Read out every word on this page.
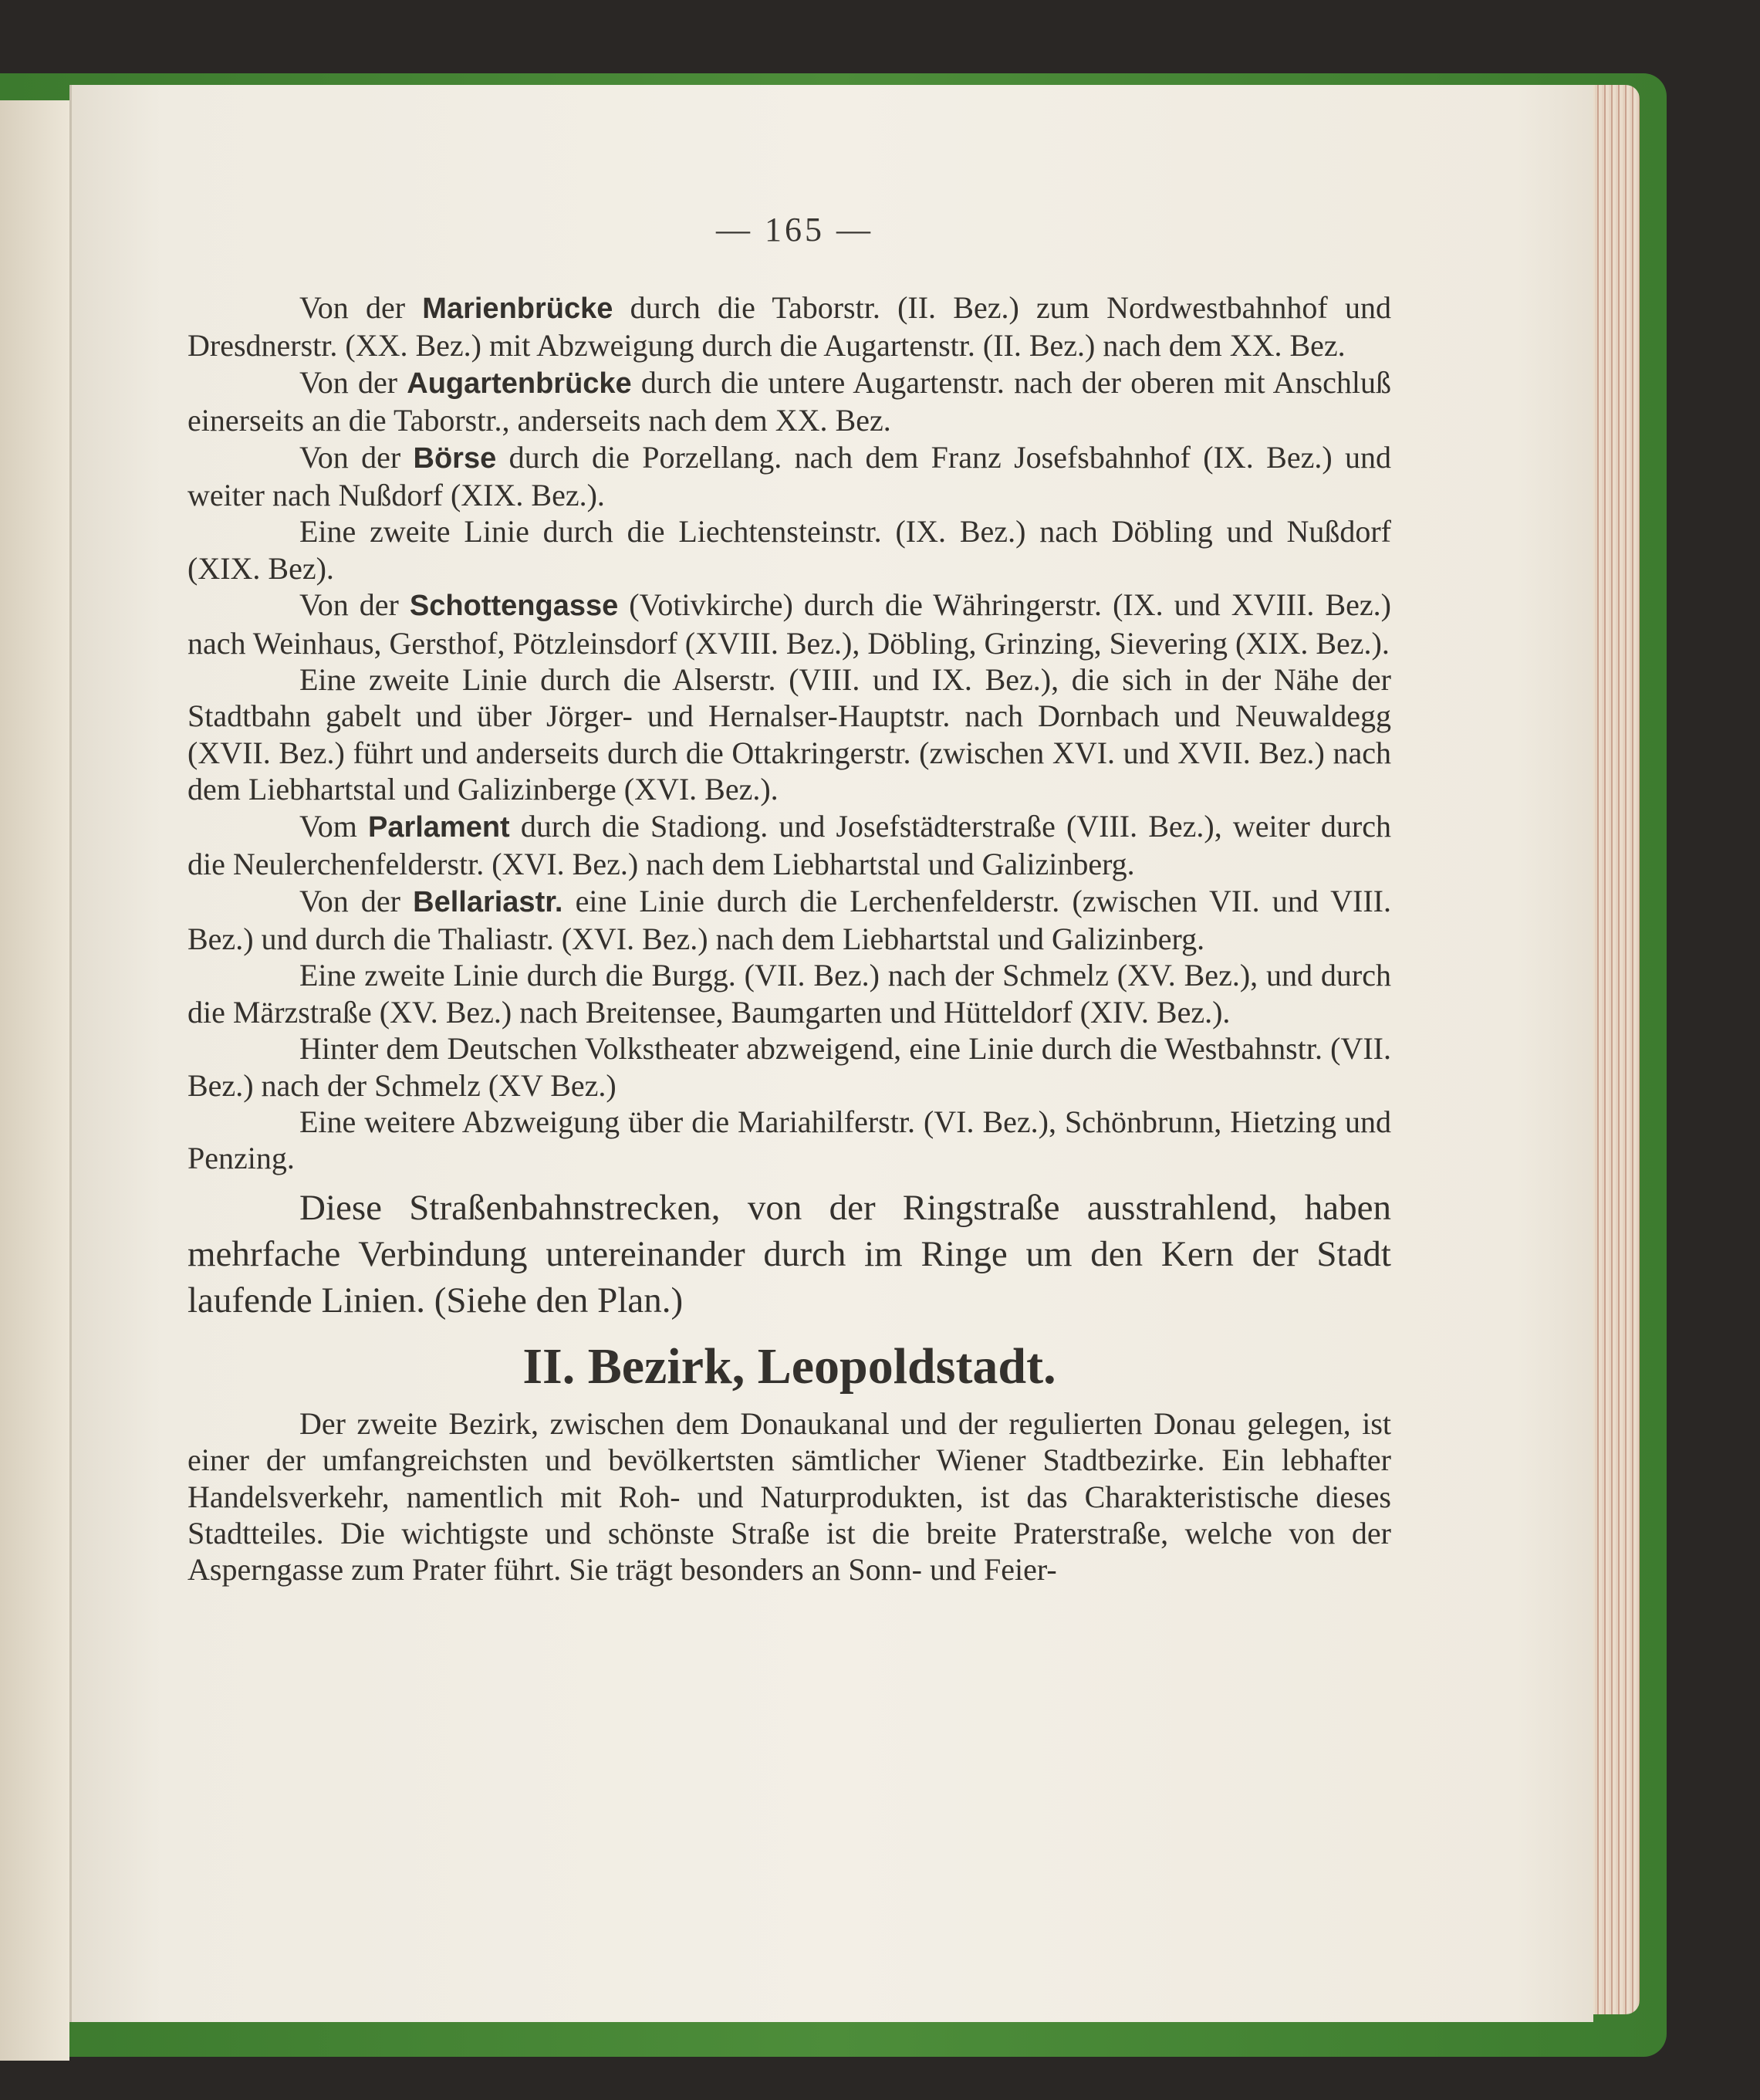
— 165 —

Von der Marienbrücke durch die Taborstr. (II. Bez.) zum Nordwestbahnhof und Dresdnerstr. (XX. Bez.) mit Abzweigung durch die Augartenstr. (II. Bez.) nach dem XX. Bez.

Von der Augartenbrücke durch die untere Augartenstr. nach der oberen mit Anschluß einerseits an die Taborstr., anderseits nach dem XX. Bez.

Von der Börse durch die Porzellang. nach dem Franz Josefsbahnhof (IX. Bez.) und weiter nach Nußdorf (XIX. Bez.).

Eine zweite Linie durch die Liechtensteinstr. (IX. Bez.) nach Döbling und Nußdorf (XIX. Bez).

Von der Schottengasse (Votivkirche) durch die Währingerstr. (IX. und XVIII. Bez.) nach Weinhaus, Gersthof, Pötzleinsdorf (XVIII. Bez.), Döbling, Grinzing, Sievering (XIX. Bez.).

Eine zweite Linie durch die Alserstr. (VIII. und IX. Bez.), die sich in der Nähe der Stadtbahn gabelt und über Jörger- und Hernalser-Hauptstr. nach Dornbach und Neuwaldegg (XVII. Bez.) führt und anderseits durch die Ottakringerstr. (zwischen XVI. und XVII. Bez.) nach dem Liebhartstal und Galizinberge (XVI. Bez.).

Vom Parlament durch die Stadiong. und Josefstädterstraße (VIII. Bez.), weiter durch die Neulerchenfelderstr. (XVI. Bez.) nach dem Liebhartstal und Galizinberg.

Von der Bellariastr. eine Linie durch die Lerchenfelderstr. (zwischen VII. und VIII. Bez.) und durch die Thaliastr. (XVI. Bez.) nach dem Liebhartstal und Galizinberg.

Eine zweite Linie durch die Burgg. (VII. Bez.) nach der Schmelz (XV. Bez.), und durch die Märzstraße (XV. Bez.) nach Breitensee, Baumgarten und Hütteldorf (XIV. Bez.).

Hinter dem Deutschen Volkstheater abzweigend, eine Linie durch die Westbahnstr. (VII. Bez.) nach der Schmelz (XV Bez.)

Eine weitere Abzweigung über die Mariahilferstr. (VI. Bez.), Schönbrunn, Hietzing und Penzing.

Diese Straßenbahnstrecken, von der Ringstraße ausstrahlend, haben mehrfache Verbindung untereinander durch im Ringe um den Kern der Stadt laufende Linien. (Siehe den Plan.)

II. Bezirk, Leopoldstadt.

Der zweite Bezirk, zwischen dem Donaukanal und der regulierten Donau gelegen, ist einer der umfangreichsten und bevölkertsten sämtlicher Wiener Stadtbezirke. Ein lebhafter Handelsverkehr, namentlich mit Roh- und Naturprodukten, ist das Charakteristische dieses Stadtteiles. Die wichtigste und schönste Straße ist die breite Praterstraße, welche von der Asperngasse zum Prater führt. Sie trägt besonders an Sonn- und Feier-
